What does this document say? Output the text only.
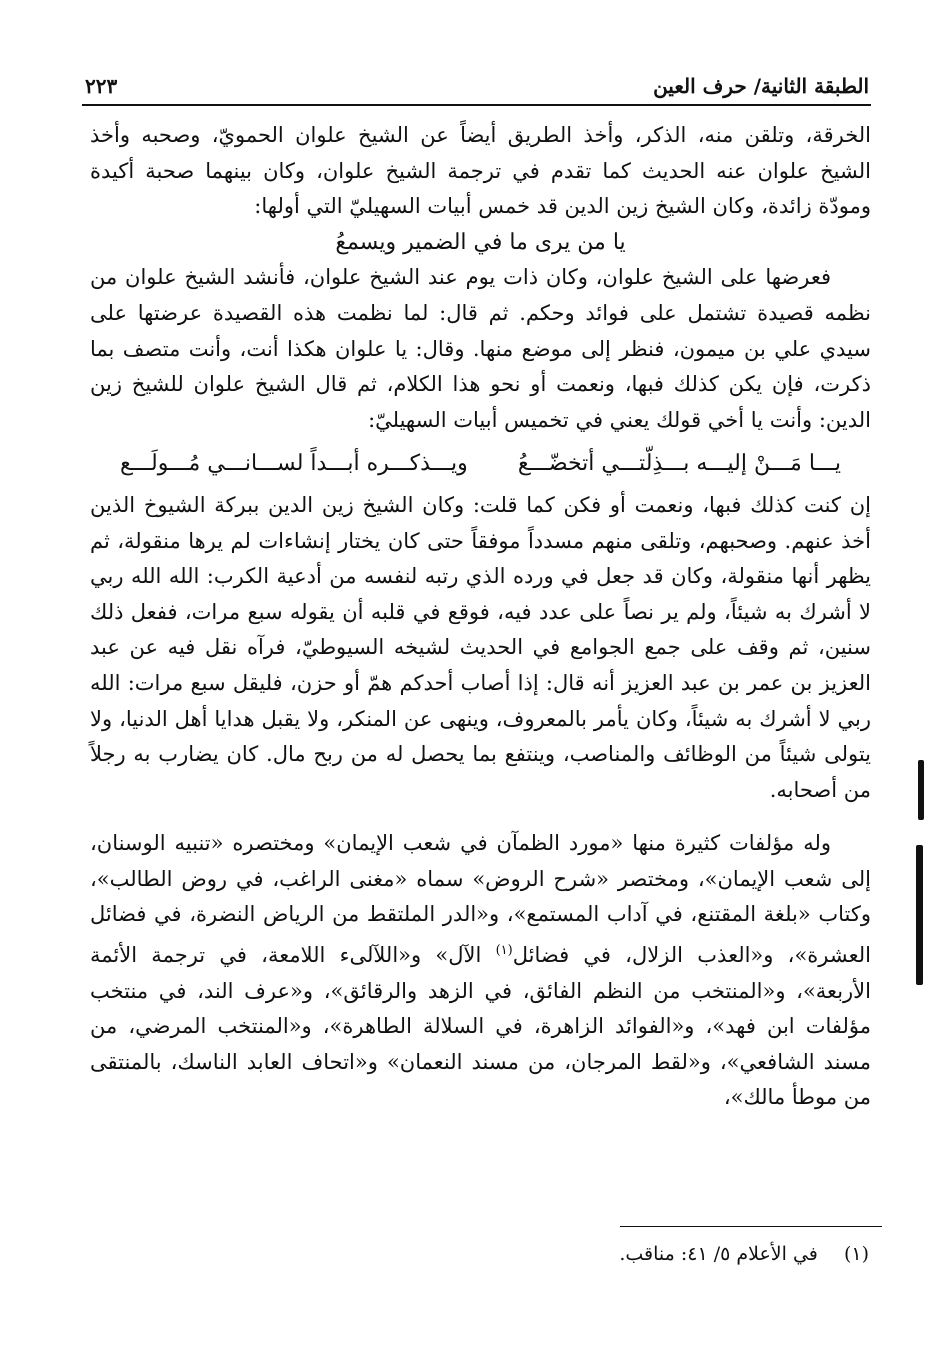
الطبقة الثانية/ حرف العين
٢٢٣

الخرقة، وتلقن منه، الذكر، وأخذ الطريق أيضاً عن الشيخ علوان الحمويّ، وصحبه وأخذ الشيخ علوان عنه الحديث كما تقدم في ترجمة الشيخ علوان، وكان بينهما صحبة أكيدة ومودّة زائدة، وكان الشيخ زين الدين قد خمس أبيات السهيليّ التي أولها:

يا من يرى ما في الضمير ويسمعُ

فعرضها على الشيخ علوان، وكان ذات يوم عند الشيخ علوان، فأنشد الشيخ علوان من نظمه قصيدة تشتمل على فوائد وحكم. ثم قال: لما نظمت هذه القصيدة عرضتها على سيدي علي بن ميمون، فنظر إلى موضع منها. وقال: يا علوان هكذا أنت، وأنت متصف بما ذكرت، فإن يكن كذلك فبها، ونعمت أو نحو هذا الكلام، ثم قال الشيخ علوان للشيخ زين الدين: وأنت يا أخي قولك يعني في تخميس أبيات السهيليّ:

يـــا مَـــنْ إليـــه بـــذِلّتـــي أتخضّـــعُ
ويـــذكـــره أبـــداً لســـانـــي مُـــولَـــع

إن كنت كذلك فبها، ونعمت أو فكن كما قلت: وكان الشيخ زين الدين ببركة الشيوخ الذين أخذ عنهم. وصحبهم، وتلقى منهم مسدداً موفقاً حتى كان يختار إنشاءات لم يرها منقولة، ثم يظهر أنها منقولة، وكان قد جعل في ورده الذي رتبه لنفسه من أدعية الكرب: الله الله ربي لا أشرك به شيئاً، ولم ير نصاً على عدد فيه، فوقع في قلبه أن يقوله سبع مرات، ففعل ذلك سنين، ثم وقف على جمع الجوامع في الحديث لشيخه السيوطيّ، فرآه نقل فيه عن عبد العزيز بن عمر بن عبد العزيز أنه قال: إذا أصاب أحدكم همّ أو حزن، فليقل سبع مرات: الله ربي لا أشرك به شيئاً، وكان يأمر بالمعروف، وينهى عن المنكر، ولا يقبل هدايا أهل الدنيا، ولا يتولى شيئاً من الوظائف والمناصب، وينتفع بما يحصل له من ربح مال. كان يضارب به رجلاً من أصحابه.

وله مؤلفات كثيرة منها «مورد الظمآن في شعب الإيمان» ومختصره «تنبيه الوسنان، إلى شعب الإيمان»، ومختصر «شرح الروض» سماه «مغنى الراغب، في روض الطالب»، وكتاب «بلغة المقتنع، في آداب المستمع»، و«الدر الملتقط من الرياض النضرة، في فضائل العشرة»، و«العذب الزلال، في فضائل$^{(١)}$ الآل» و«اللآلىء اللامعة، في ترجمة الأئمة الأربعة»، و«المنتخب من النظم الفائق، في الزهد والرقائق»، و«عرف الند، في منتخب مؤلفات ابن فهد»، و«الفوائد الزاهرة، في السلالة الطاهرة»، و«المنتخب المرضي، من مسند الشافعي»، و«لقط المرجان، من مسند النعمان» و«اتحاف العابد الناسك، بالمنتقى من موطأ مالك»،

(١) في الأعلام ٥/ ٤١: مناقب.
